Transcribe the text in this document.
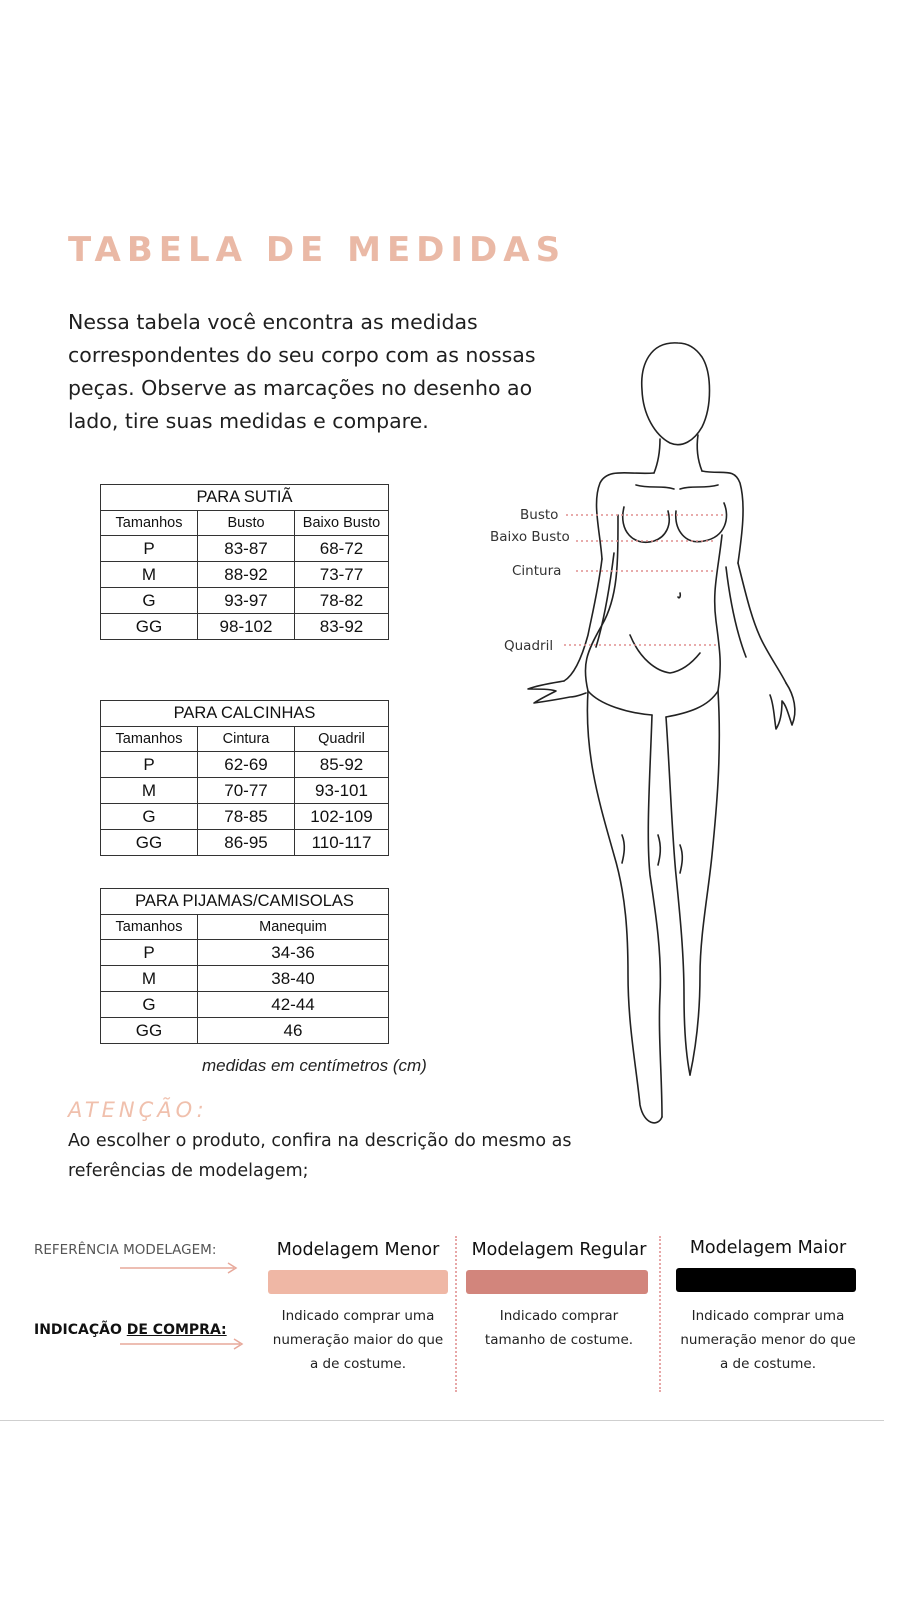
TABELA DE MEDIDAS

Nessa tabela você encontra as medidas correspondentes do seu corpo com as nossas peças. Observe as marcações no desenho ao lado, tire suas medidas e compare.

PARA SUTIÃ		
Tamanhos	Busto	Baixo Busto
P	83-87	68-72
M	88-92	73-77
G	93-97	78-82
GG	98-102	83-92
PARA CALCINHAS		
Tamanhos	Cintura	Quadril
P	62-69	85-92
M	70-77	93-101
G	78-85	102-109
GG	86-95	110-117
PARA PIJAMAS/CAMISOLAS	
Tamanhos	Manequim
P	34-36
M	38-40
G	42-44
GG	46

medidas em centímetros (cm)

Busto
Baixo Busto
Cintura
Quadril
ATENÇÃO:

Ao escolher o produto, confira na descrição do mesmo as referências de modelagem;

REFERÊNCIA MODELAGEM:
INDICAÇÃO DE COMPRA:
Modelagem Menor
Indicado comprar uma
numeração maior do que
a de costume.
Modelagem Regular
Indicado comprar
tamanho de costume.
Modelagem Maior
Indicado comprar uma
numeração menor do que
a de costume.
